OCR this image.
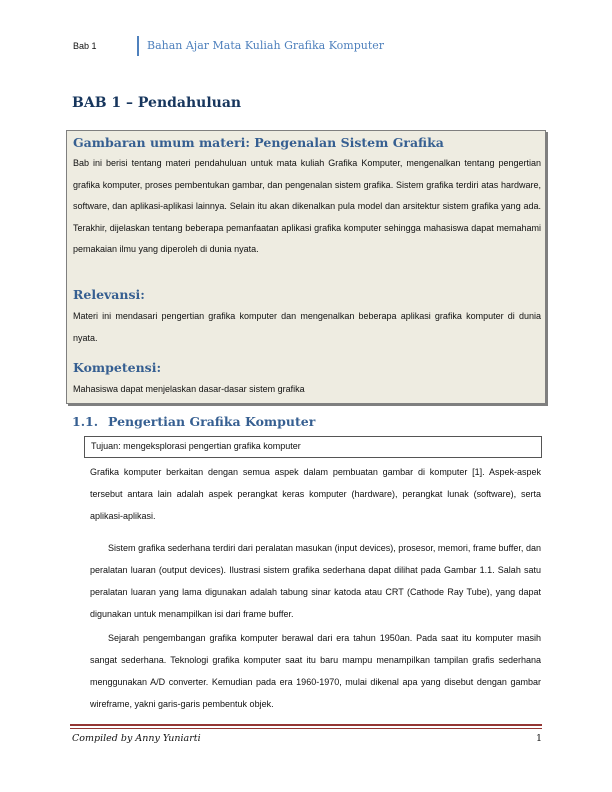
Bab 1	Bahan Ajar Mata Kuliah Grafika Komputer
BAB 1 – Pendahuluan
Gambaran umum materi: Pengenalan Sistem Grafika

Bab ini berisi tentang materi pendahuluan untuk mata kuliah Grafika Komputer, mengenalkan tentang pengertian grafika komputer, proses pembentukan gambar, dan pengenalan sistem grafika. Sistem grafika terdiri atas hardware, software, dan aplikasi-aplikasi lainnya. Selain itu akan dikenalkan pula model dan arsitektur sistem grafika yang ada. Terakhir, dijelaskan tentang beberapa pemanfaatan aplikasi grafika komputer sehingga mahasiswa dapat memahami pemakaian ilmu yang diperoleh di dunia nyata.

Relevansi:

Materi ini mendasari pengertian grafika komputer dan mengenalkan beberapa aplikasi grafika komputer di dunia nyata.

Kompetensi:

Mahasiswa dapat menjelaskan dasar-dasar sistem grafika

1.1. Pengertian Grafika Komputer
Tujuan: mengeksplorasi pengertian grafika komputer

Grafika komputer berkaitan dengan semua aspek dalam pembuatan gambar di komputer [1]. Aspek-aspek tersebut antara lain adalah aspek perangkat keras komputer (hardware), perangkat lunak (software), serta aplikasi-aplikasi.

Sistem grafika sederhana terdiri dari peralatan masukan (input devices), prosesor, memori, frame buffer, dan peralatan luaran (output devices). Ilustrasi sistem grafika sederhana dapat dilihat pada Gambar 1.1. Salah satu peralatan luaran yang lama digunakan adalah tabung sinar katoda atau CRT (Cathode Ray Tube), yang dapat digunakan untuk menampilkan isi dari frame buffer.

Sejarah pengembangan grafika komputer berawal dari era tahun 1950an. Pada saat itu komputer masih sangat sederhana. Teknologi grafika komputer saat itu baru mampu menampilkan tampilan grafis sederhana menggunakan A/D converter. Kemudian pada era 1960-1970, mulai dikenal apa yang disebut dengan gambar wireframe, yakni garis-garis pembentuk objek.

Compiled by Anny Yuniarti	1
